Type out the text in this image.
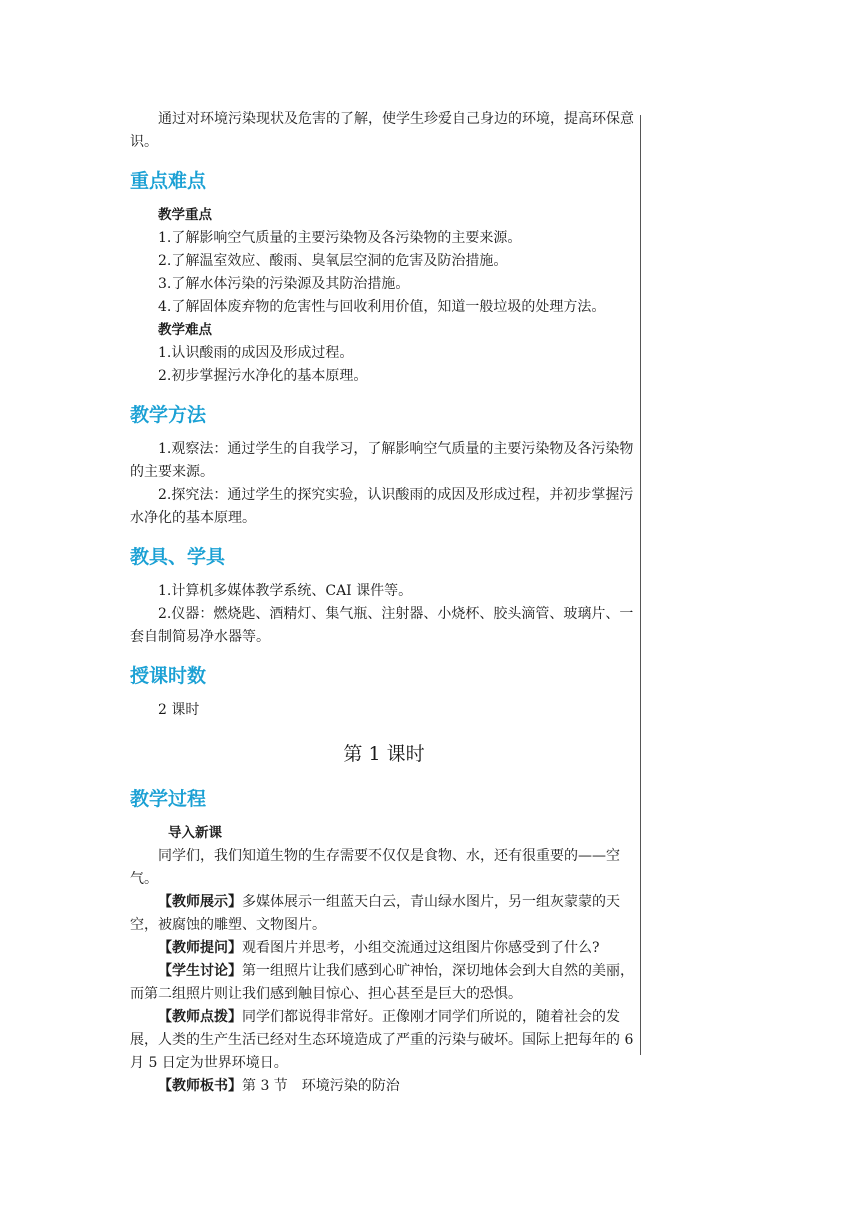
通过对环境污染现状及危害的了解，使学生珍爱自己身边的环境，提高环保意识。

重点难点

教学重点

1.了解影响空气质量的主要污染物及各污染物的主要来源。

2.了解温室效应、酸雨、臭氧层空洞的危害及防治措施。

3.了解水体污染的污染源及其防治措施。

4.了解固体废弃物的危害性与回收利用价值，知道一般垃圾的处理方法。

教学难点

1.认识酸雨的成因及形成过程。

2.初步掌握污水净化的基本原理。

教学方法

1.观察法：通过学生的自我学习，了解影响空气质量的主要污染物及各污染物的主要来源。

2.探究法：通过学生的探究实验，认识酸雨的成因及形成过程，并初步掌握污水净化的基本原理。

教具、学具

1.计算机多媒体教学系统、CAI 课件等。

2.仪器：燃烧匙、酒精灯、集气瓶、注射器、小烧杯、胶头滴管、玻璃片、一套自制简易净水器等。

授课时数

2 课时

第 1 课时

教学过程

导入新课

同学们，我们知道生物的生存需要不仅仅是食物、水，还有很重要的——空气。

【教师展示】多媒体展示一组蓝天白云，青山绿水图片，另一组灰蒙蒙的天空，被腐蚀的雕塑、文物图片。

【教师提问】观看图片并思考，小组交流通过这组图片你感受到了什么?

【学生讨论】第一组照片让我们感到心旷神怡，深切地体会到大自然的美丽，而第二组照片则让我们感到触目惊心、担心甚至是巨大的恐惧。

【教师点拨】同学们都说得非常好。正像刚才同学们所说的，随着社会的发展，人类的生产生活已经对生态环境造成了严重的污染与破坏。国际上把每年的 6 月 5 日定为世界环境日。

【教师板书】第 3 节　环境污染的防治
